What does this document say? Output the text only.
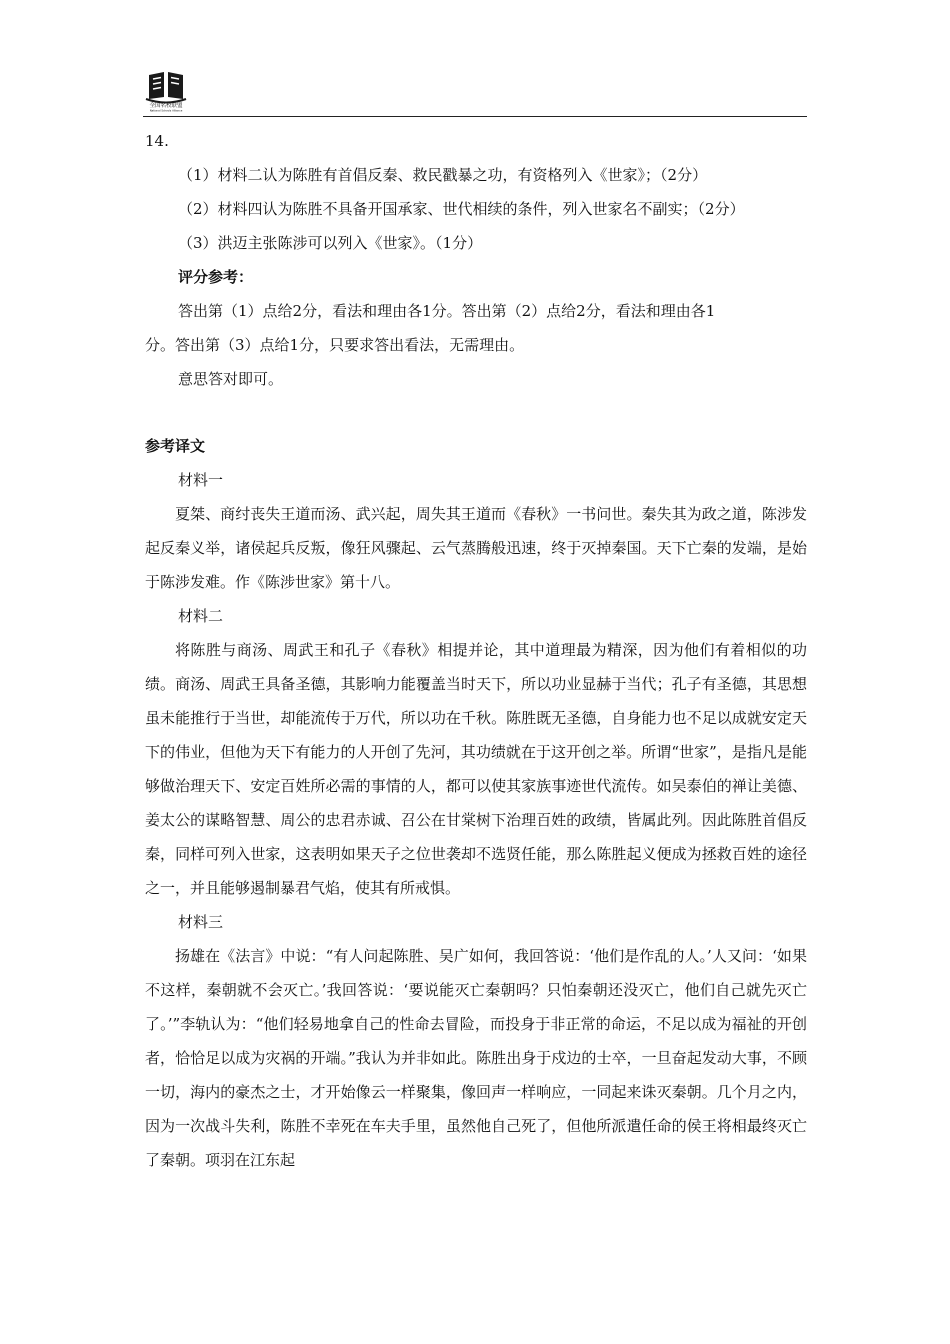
全国名校联盟
National Schools Alliance

14.

（1）材料二认为陈胜有首倡反秦、救民戳暴之功，有资格列入《世家》；（2分）

（2）材料四认为陈胜不具备开国承家、世代相续的条件，列入世家名不副实；（2分）

（3）洪迈主张陈涉可以列入《世家》。（1分）

评分参考：

答出第（1）点给2分，看法和理由各1分。答出第（2）点给2分，看法和理由各1

分。答出第（3）点给1分，只要求答出看法，无需理由。

意思答对即可。

参考译文

材料一

夏桀、商纣丧失王道而汤、武兴起，周失其王道而《春秋》一书问世。秦失其为政之道，陈涉发起反秦义举，诸侯起兵反叛，像狂风骤起、云气蒸腾般迅速，终于灭掉秦国。天下亡秦的发端，是始于陈涉发难。作《陈涉世家》第十八。

材料二

将陈胜与商汤、周武王和孔子《春秋》相提并论，其中道理最为精深，因为他们有着相似的功绩。商汤、周武王具备圣德，其影响力能覆盖当时天下，所以功业显赫于当代；孔子有圣德，其思想虽未能推行于当世，却能流传于万代，所以功在千秋。陈胜既无圣德，自身能力也不足以成就安定天下的伟业，但他为天下有能力的人开创了先河，其功绩就在于这开创之举。所谓“世家”，是指凡是能够做治理天下、安定百姓所必需的事情的人，都可以使其家族事迹世代流传。如吴泰伯的禅让美德、姜太公的谋略智慧、周公的忠君赤诚、召公在甘棠树下治理百姓的政绩，皆属此列。因此陈胜首倡反秦，同样可列入世家，这表明如果天子之位世袭却不选贤任能，那么陈胜起义便成为拯救百姓的途径之一，并且能够遏制暴君气焰，使其有所戒惧。

材料三

扬雄在《法言》中说：“有人问起陈胜、吴广如何，我回答说：‘他们是作乱的人。’人又问：‘如果不这样，秦朝就不会灭亡。’我回答说：‘要说能灭亡秦朝吗？只怕秦朝还没灭亡，他们自己就先灭亡了。’”李轨认为：“他们轻易地拿自己的性命去冒险，而投身于非正常的命运，不足以成为福祉的开创者，恰恰足以成为灾祸的开端。”我认为并非如此。陈胜出身于戍边的士卒，一旦奋起发动大事，不顾一切，海内的豪杰之士，才开始像云一样聚集，像回声一样响应，一同起来诛灭秦朝。几个月之内，因为一次战斗失利，陈胜不幸死在车夫手里，虽然他自己死了，但他所派遣任命的侯王将相最终灭亡了秦朝。项羽在江东起
